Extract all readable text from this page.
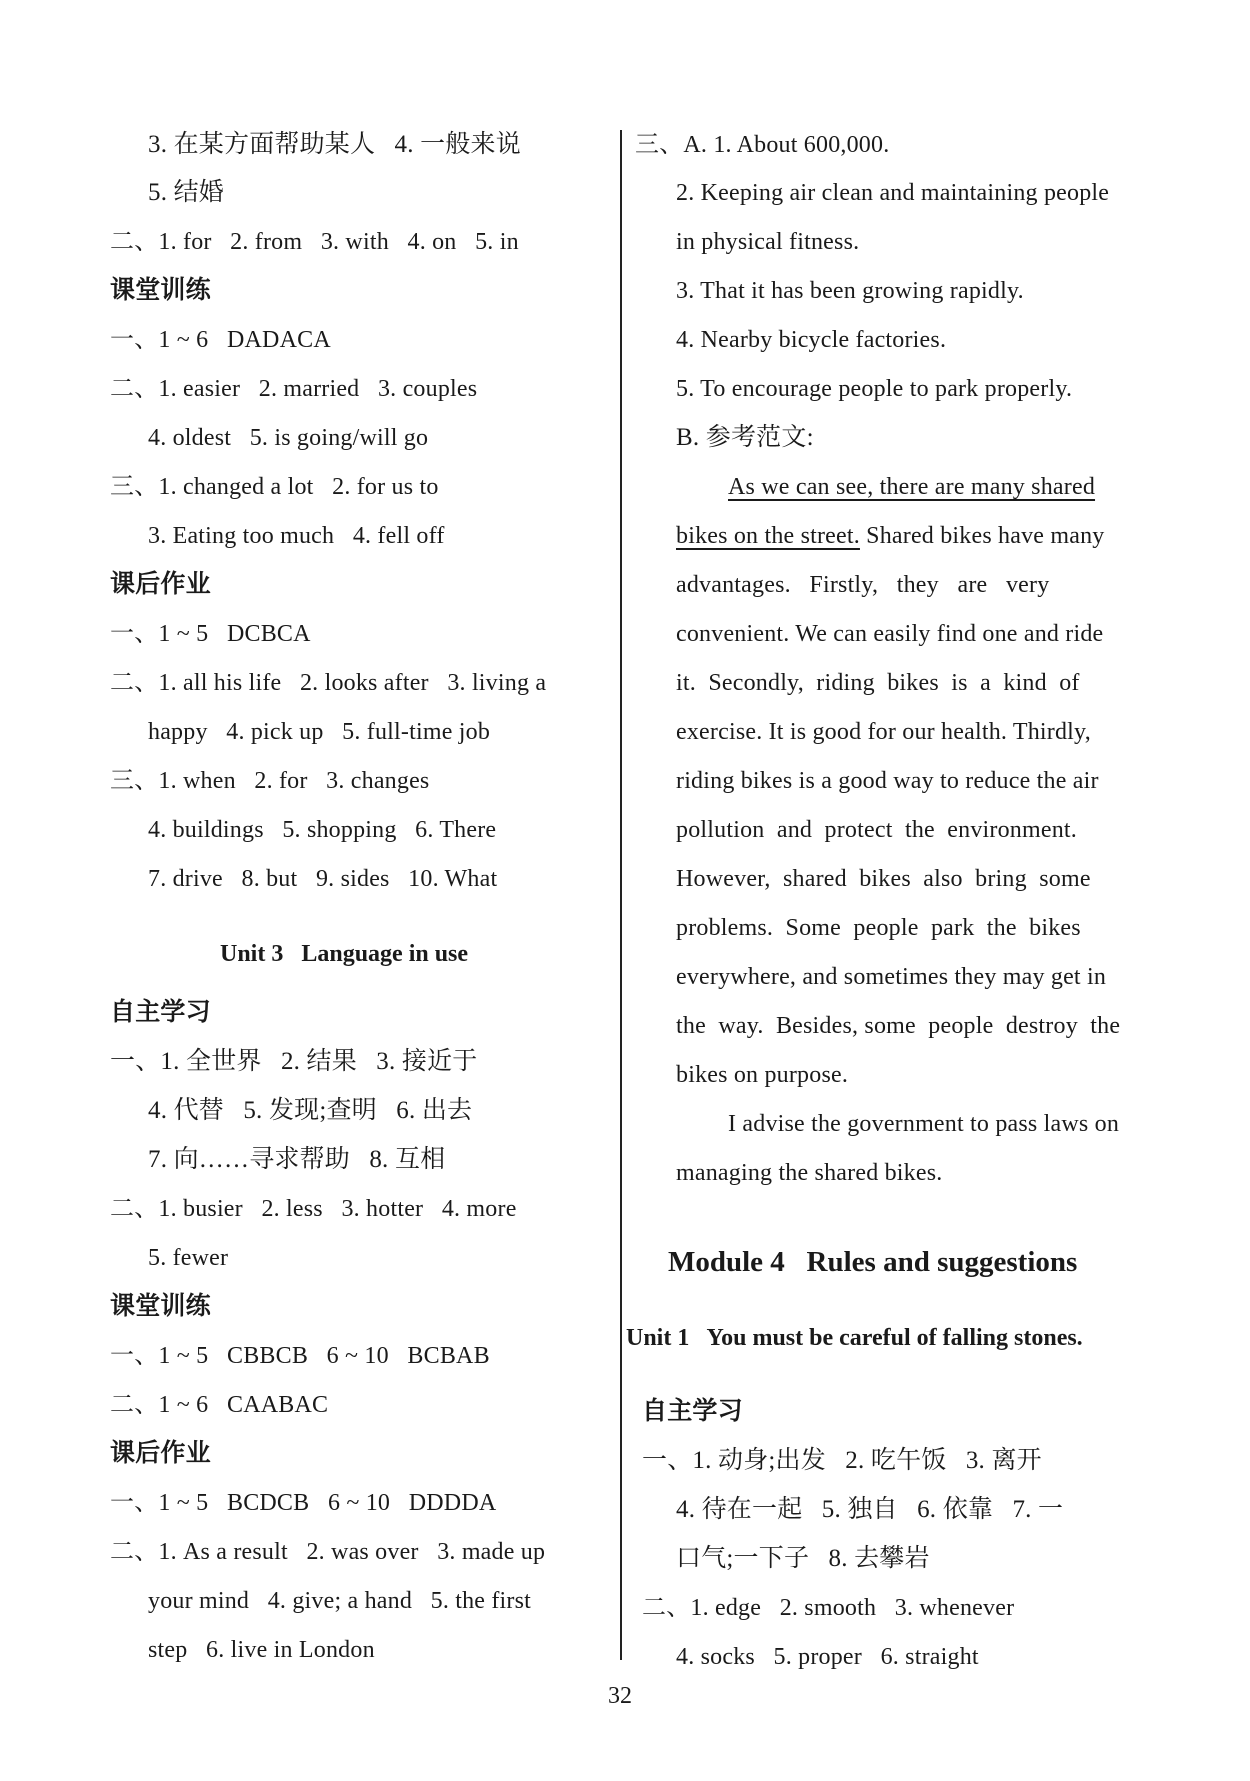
3. 在某方面帮助某人   4. 一般来说
5. 结婚
二、1. for   2. from   3. with   4. on   5. in
课堂训练
一、1 ~ 6   DADACA
二、1. easier   2. married   3. couples
4. oldest   5. is going/will go
三、1. changed a lot   2. for us to
3. Eating too much   4. fell off
课后作业
一、1 ~ 5   DCBCA
二、1. all his life   2. looks after   3. living a
happy   4. pick up   5. full-time job
三、1. when   2. for   3. changes
4. buildings   5. shopping   6. There
7. drive   8. but   9. sides   10. What
Unit 3   Language in use
自主学习
一、1. 全世界   2. 结果   3. 接近于
4. 代替   5. 发现;查明   6. 出去
7. 向……寻求帮助   8. 互相
二、1. busier   2. less   3. hotter   4. more
5. fewer
课堂训练
一、1 ~ 5   CBBCB   6 ~ 10   BCBAB
二、1 ~ 6   CAABAC
课后作业
一、1 ~ 5   BCDCB   6 ~ 10   DDDDA
二、1. As a result   2. was over   3. made up
your mind   4. give; a hand   5. the first
step   6. live in London
三、A. 1. About 600,000.
2. Keeping air clean and maintaining people
in physical fitness.
3. That it has been growing rapidly.
4. Nearby bicycle factories.
5. To encourage people to park properly.
B. 参考范文:
As we can see, there are many shared
bikes on the street. Shared bikes have many
advantages.   Firstly,   they   are   very
convenient. We can easily find one and ride
it.  Secondly,  riding  bikes  is  a  kind  of
exercise. It is good for our health. Thirdly,
riding bikes is a good way to reduce the air
pollution  and  protect  the  environment.
However,  shared  bikes  also  bring  some
problems.  Some  people  park  the  bikes
everywhere, and sometimes they may get in
the  way.  Besides, some  people  destroy  the
bikes on purpose.
I advise the government to pass laws on
managing the shared bikes.
Module 4   Rules and suggestions
Unit 1   You must be careful of falling stones.
自主学习
一、1. 动身;出发   2. 吃午饭   3. 离开
4. 待在一起   5. 独自   6. 依靠   7. 一
口气;一下子   8. 去攀岩
二、1. edge   2. smooth   3. whenever
4. socks   5. proper   6. straight
32
